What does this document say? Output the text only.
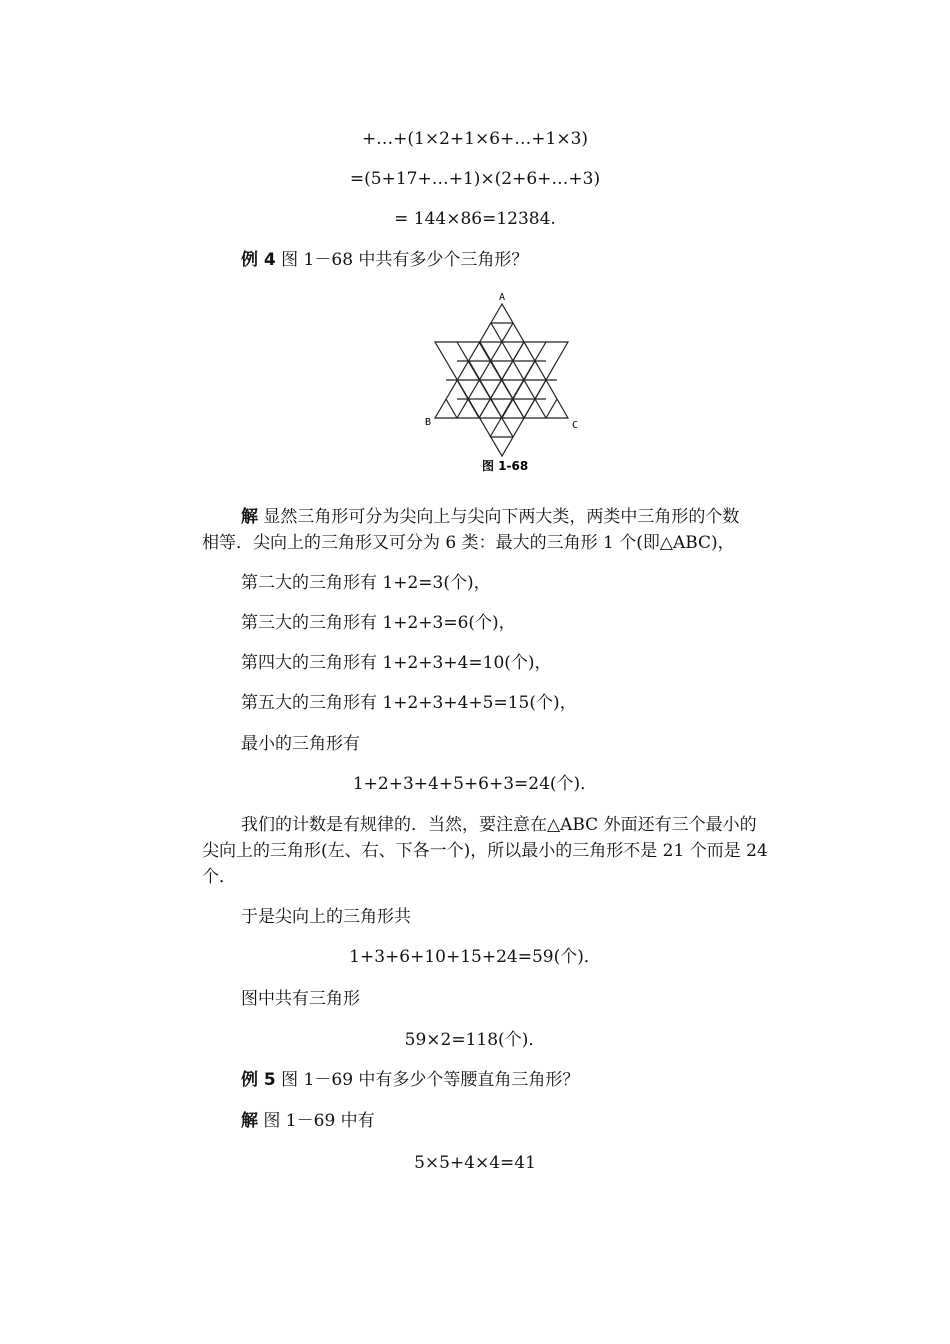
+…+(1×2+1×6+…+1×3)
=(5+17+…+1)×(2+6+…+3)
= 144×86=12384.
例 4 图 1－68 中共有多少个三角形？
A
B	C
图 1-68
解 显然三角形可分为尖向上与尖向下两大类，两类中三角形的个数
相等．尖向上的三角形又可分为 6 类：最大的三角形 1 个(即△ABC)，
第二大的三角形有 1+2=3(个)，
第三大的三角形有 1+2+3=6(个)，
第四大的三角形有 1+2+3+4=10(个)，
第五大的三角形有 1+2+3+4+5=15(个)，
最小的三角形有
1+2+3+4+5+6+3=24(个)．
我们的计数是有规律的．当然，要注意在△ABC 外面还有三个最小的
尖向上的三角形(左、右、下各一个)，所以最小的三角形不是 21 个而是 24
个．
于是尖向上的三角形共
1+3+6+10+15+24=59(个)．
图中共有三角形
59×2=118(个)．
例 5 图 1－69 中有多少个等腰直角三角形？
解 图 1－69 中有
5×5+4×4=41
